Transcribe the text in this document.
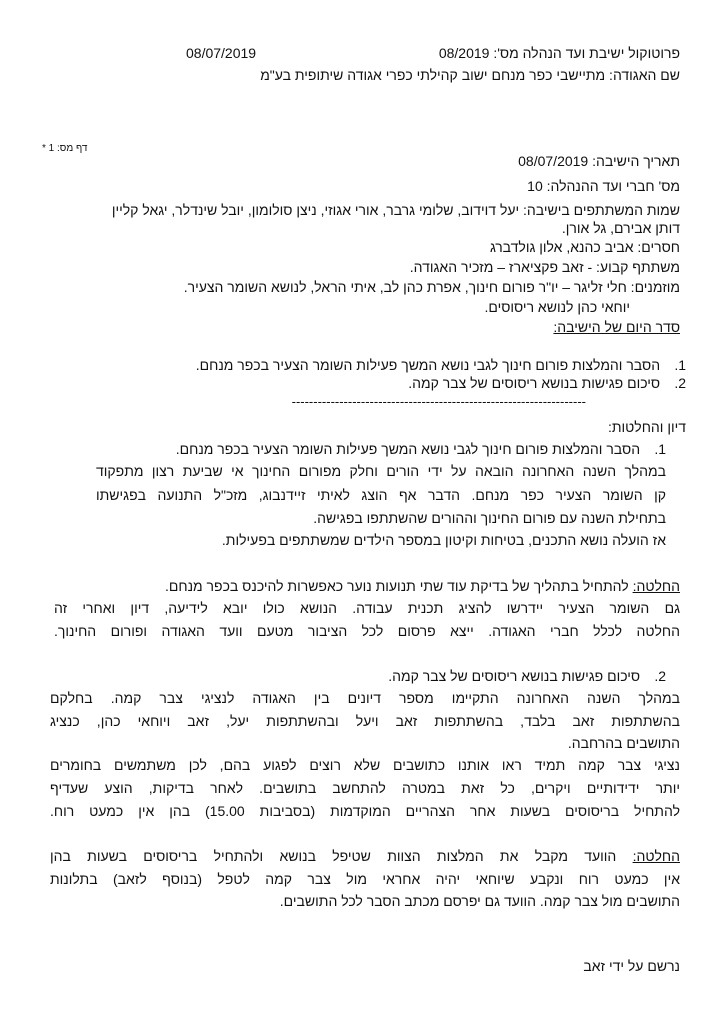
פרוטוקול ישיבת ועד הנהלה מס': 08/2019
08/07/2019
שם האגודה: מתיישבי כפר מנחם ישוב קהילתי כפרי אגודה שיתופית בע"מ
דף מס: 1 *
תאריך הישיבה: 08/07/2019
מס' חברי ועד ההנהלה: 10
שמות המשתתפים בישיבה: יעל דוידוב, שלומי גרבר, אורי אגוזי, ניצן סולומון, יובל שינדלר, יגאל קליין
דותן אבירם, גל אורן.
חסרים: אביב כהנא, אלון גולדברג
משתתף קבוע: - זאב פקציארז – מזכיר האגודה.
מוזמנים: חלי זליגר – יו"ר פורום חינוך, אפרת כהן לב, איתי הראל, לנושא השומר הצעיר.
יוחאי כהן לנושא ריסוסים.
סדר היום של הישיבה:
1. הסבר והמלצות פורום חינוך לגבי נושא המשך פעילות השומר הצעיר בכפר מנחם.
2. סיכום פגישות בנושא ריסוסים של צבר קמה.
--------------------------------------------------------------------
דיון והחלטות:
1. הסבר והמלצות פורום חינוך לגבי נושא המשך פעילות השומר הצעיר בכפר מנחם.
במהלך השנה האחרונה הובאה על ידי הורים וחלק מפורום החינוך אי שביעת רצון מתפקוד
קן השומר הצעיר כפר מנחם. הדבר אף הוצג לאיתי זיידנבוג, מזכ"ל התנועה בפגישתו
בתחילת השנה עם פורום החינוך וההורים שהשתתפו בפגישה.
אז הועלה נושא התכנים, בטיחות וקיטון במספר הילדים שמשתתפים בפעילות.
החלטה: להתחיל בתהליך של בדיקת עוד שתי תנועות נוער כאפשרות להיכנס בכפר מנחם.
גם השומר הצעיר יידרשו להציג תכנית עבודה. הנושא כולו יובא לידיעה, דיון ואחרי זה
החלטה לכלל חברי האגודה. ייצא פרסום לכל הציבור מטעם וועד האגודה ופורום החינוך.
2. סיכום פגישות בנושא ריסוסים של צבר קמה.
במהלך השנה האחרונה התקיימו מספר דיונים בין האגודה לנציגי צבר קמה. בחלקם
בהשתתפות זאב בלבד, בהשתתפות זאב ויעל ובהשתתפות יעל, זאב ויוחאי כהן, כנציג
התושבים בהרחבה.
נציגי צבר קמה תמיד ראו אותנו כתושבים שלא רוצים לפגוע בהם, לכן משתמשים בחומרים
יותר ידידותיים ויקרים, כל זאת במטרה להתחשב בתושבים. לאחר בדיקות, הוצע שעדיף
להתחיל בריסוסים בשעות אחר הצהריים המוקדמות (בסביבות 15.00) בהן אין כמעט רוח.
החלטה: הוועד מקבל את המלצות הצוות שטיפל בנושא ולהתחיל בריסוסים בשעות בהן
אין כמעט רוח ונקבע שיוחאי יהיה אחראי מול צבר קמה לטפל (בנוסף לזאב) בתלונות
התושבים מול צבר קמה. הוועד גם יפרסם מכתב הסבר לכל התושבים.
נרשם על ידי זאב
